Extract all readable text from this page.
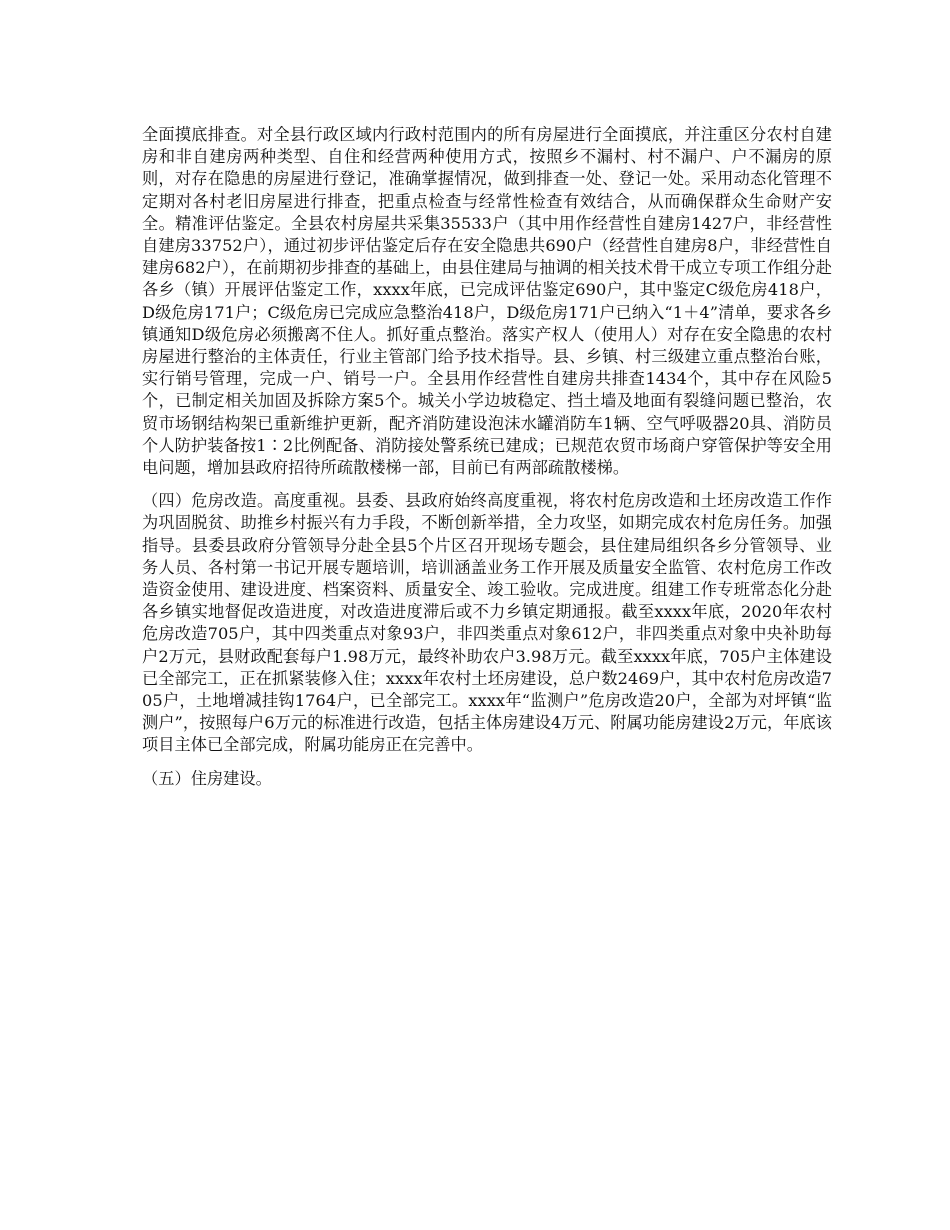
全面摸底排查。对全县行政区域内行政村范围内的所有房屋进行全面摸底，并注重区分农村自建房和非自建房两种类型、自住和经营两种使用方式，按照乡不漏村、村不漏户、户不漏房的原则，对存在隐患的房屋进行登记，准确掌握情况，做到排查一处、登记一处。采用动态化管理不定期对各村老旧房屋进行排查，把重点检查与经常性检查有效结合，从而确保群众生命财产安全。精准评估鉴定。全县农村房屋共采集35533户（其中用作经营性自建房1427户，非经营性自建房33752户），通过初步评估鉴定后存在安全隐患共690户（经营性自建房8户，非经营性自建房682户），在前期初步排查的基础上，由县住建局与抽调的相关技术骨干成立专项工作组分赴各乡（镇）开展评估鉴定工作，xxxx年底，已完成评估鉴定690户，其中鉴定C级危房418户，D级危房171户；C级危房已完成应急整治418户，D级危房171户已纳入“1＋4”清单，要求各乡镇通知D级危房必须搬离不住人。抓好重点整治。落实产权人（使用人）对存在安全隐患的农村房屋进行整治的主体责任，行业主管部门给予技术指导。县、乡镇、村三级建立重点整治台账，实行销号管理，完成一户、销号一户。全县用作经营性自建房共排查1434个，其中存在风险5个，已制定相关加固及拆除方案5个。城关小学边坡稳定、挡土墙及地面有裂缝问题已整治，农贸市场钢结构架已重新维护更新，配齐消防建设泡沫水罐消防车1辆、空气呼吸器20具、消防员个人防护装备按1∶2比例配备、消防接处警系统已建成；已规范农贸市场商户穿管保护等安全用电问题，增加县政府招待所疏散楼梯一部，目前已有两部疏散楼梯。

（四）危房改造。高度重视。县委、县政府始终高度重视，将农村危房改造和土坯房改造工作作为巩固脱贫、助推乡村振兴有力手段，不断创新举措，全力攻坚，如期完成农村危房任务。加强指导。县委县政府分管领导分赴全县5个片区召开现场专题会，县住建局组织各乡分管领导、业务人员、各村第一书记开展专题培训，培训涵盖业务工作开展及质量安全监管、农村危房工作改造资金使用、建设进度、档案资料、质量安全、竣工验收。完成进度。组建工作专班常态化分赴各乡镇实地督促改造进度，对改造进度滞后或不力乡镇定期通报。截至xxxx年底，2020年农村危房改造705户，其中四类重点对象93户，非四类重点对象612户，非四类重点对象中央补助每户2万元，县财政配套每户1.98万元，最终补助农户3.98万元。截至xxxx年底，705户主体建设已全部完工，正在抓紧装修入住；xxxx年农村土坯房建设，总户数2469户，其中农村危房改造705户，土地增减挂钩1764户，已全部完工。xxxx年“监测户”危房改造20户，全部为对坪镇“监测户”，按照每户6万元的标准进行改造，包括主体房建设4万元、附属功能房建设2万元，年底该项目主体已全部完成，附属功能房正在完善中。

（五）住房建设。
